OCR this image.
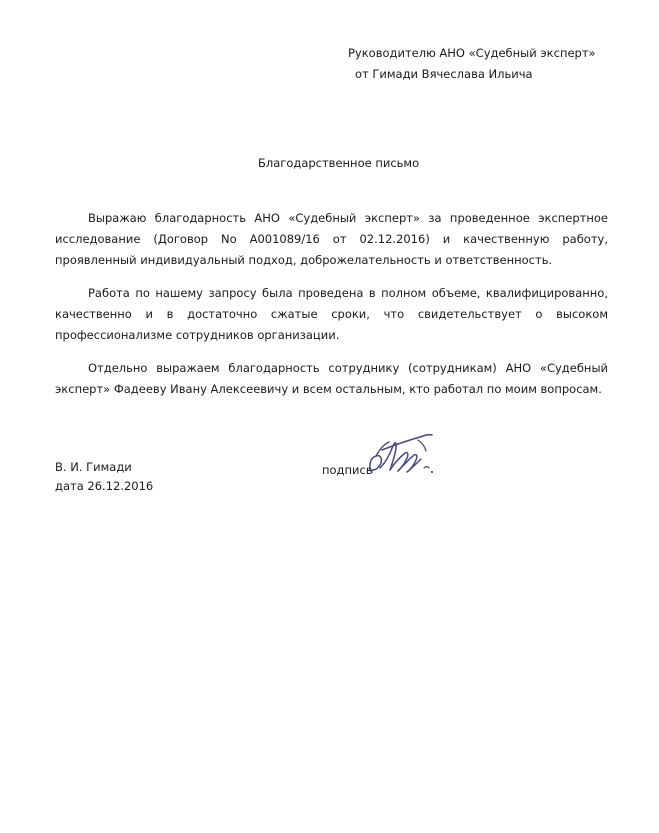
Руководителю АНО «Судебный эксперт»
от Гимади Вячеслава Ильича
Благодарственное письмо

Выражаю благодарность АНО «Судебный эксперт» за проведенное экспертное исследование (Договор No A001089/16 от 02.12.2016) и качественную работу, проявленный индивидуальный подход, доброжелательность и ответственность.

Работа по нашему запросу была проведена в полном объеме, квалифицированно, качественно и в достаточно сжатые сроки, что свидетельствует о высоком профессионализме сотрудников организации.

Отдельно выражаем благодарность сотруднику (сотрудникам) АНО «Судебный эксперт» Фадееву Ивану Алексеевичу и всем остальным, кто работал по моим вопросам.

В. И. Гимади
дата 26.12.2016
подпись
